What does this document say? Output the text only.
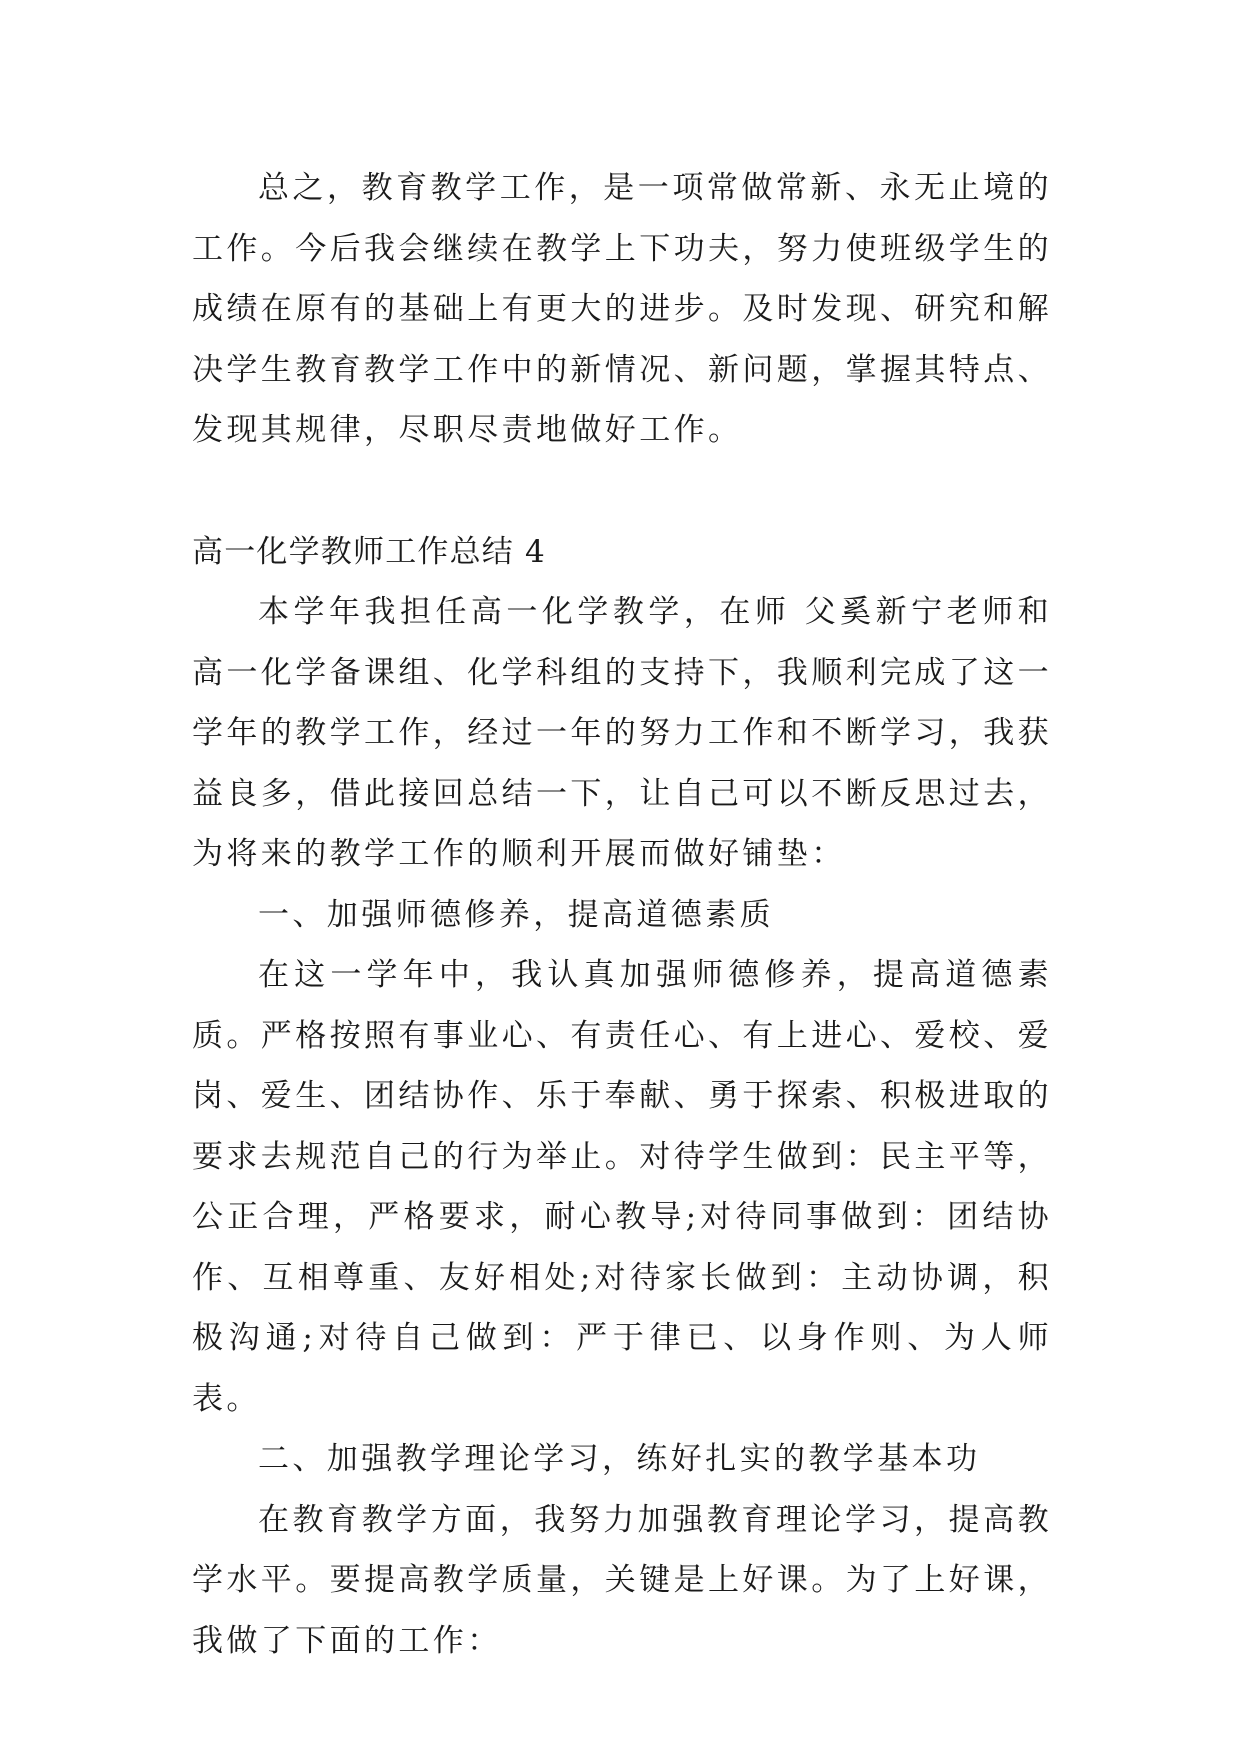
总之，教育教学工作，是一项常做常新、永无止境的工作。今后我会继续在教学上下功夫，努力使班级学生的成绩在原有的基础上有更大的进步。及时发现、研究和解决学生教育教学工作中的新情况、新问题，掌握其特点、发现其规律，尽职尽责地做好工作。

高一化学教师工作总结 4

本学年我担任高一化学教学，在师 父奚新宁老师和高一化学备课组、化学科组的支持下，我顺利完成了这一学年的教学工作，经过一年的努力工作和不断学习，我获益良多，借此接回总结一下，让自己可以不断反思过去，为将来的教学工作的顺利开展而做好铺垫：

一、加强师德修养，提高道德素质

在这一学年中，我认真加强师德修养，提高道德素质。严格按照有事业心、有责任心、有上进心、爱校、爱岗、爱生、团结协作、乐于奉献、勇于探索、积极进取的要求去规范自己的行为举止。对待学生做到：民主平等，公正合理，严格要求，耐心教导;对待同事做到：团结协作、互相尊重、友好相处;对待家长做到：主动协调，积极沟通;对待自己做到：严于律已、以身作则、为人师表。

二、加强教学理论学习，练好扎实的教学基本功

在教育教学方面，我努力加强教育理论学习，提高教学水平。要提高教学质量，关键是上好课。为了上好课，我做了下面的工作：
